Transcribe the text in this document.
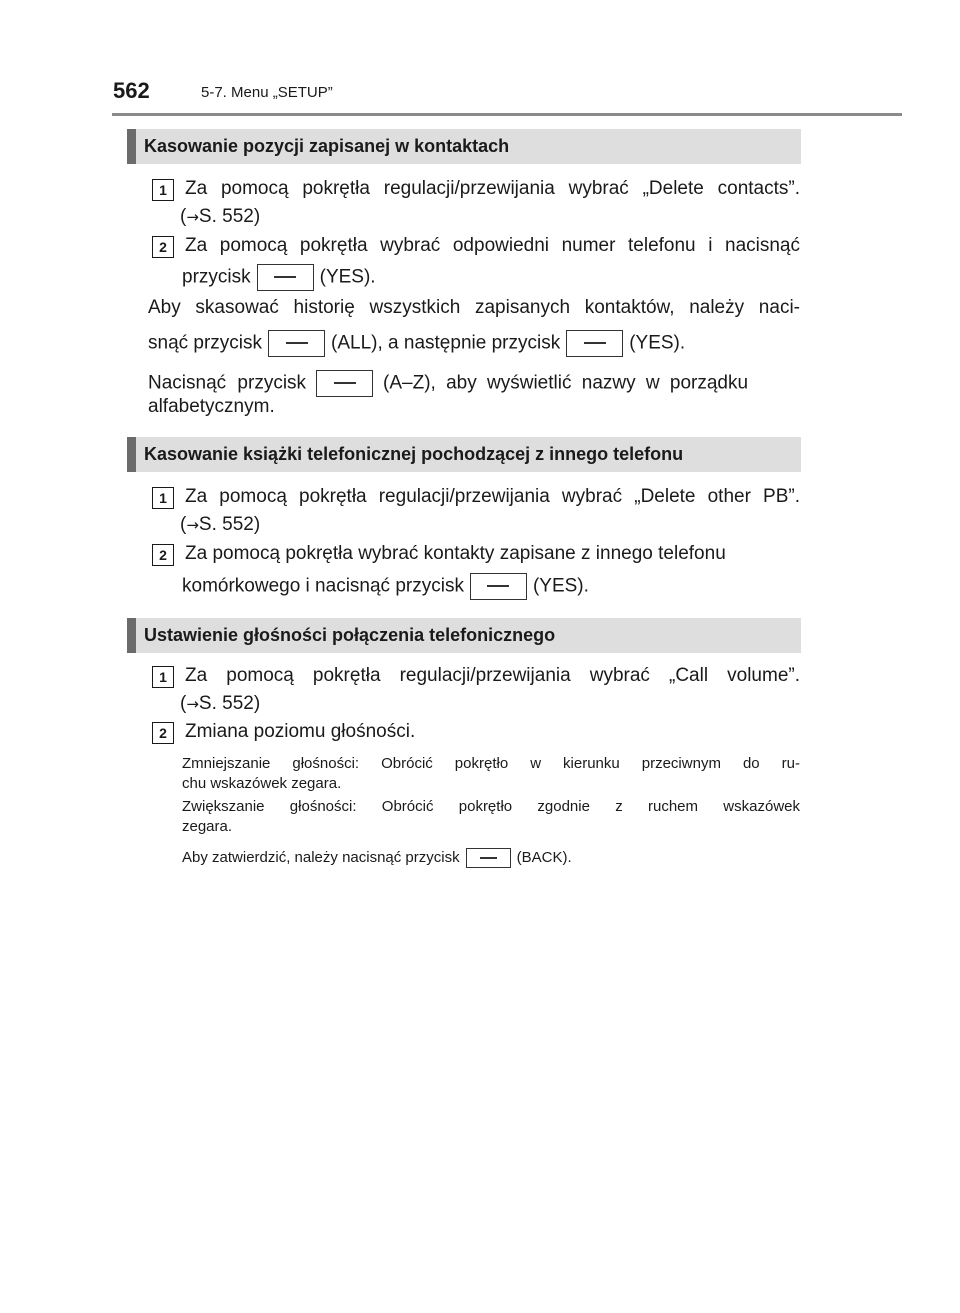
562	5-7. Menu „SETUP”
Kasowanie pozycji zapisanej w kontaktach
1 Za pomocą pokrętła regulacji/przewijania wybrać „Delete contacts”.
(→S. 552)
2 Za pomocą pokrętła wybrać odpowiedni numer telefonu i nacisnąć
przycisk	(YES).
Aby skasować historię wszystkich zapisanych kontaktów, należy naci-
snąć przycisk	(ALL), a następnie przycisk	(YES).
Nacisnąć przycisk	(A–Z), aby wyświetlić nazwy w porządku
alfabetycznym.
Kasowanie książki telefonicznej pochodzącej z innego telefonu
1 Za pomocą pokrętła regulacji/przewijania wybrać „Delete other PB”.
(→S. 552)
2 Za pomocą pokrętła wybrać kontakty zapisane z innego telefonu
komórkowego i nacisnąć przycisk	(YES).
Ustawienie głośności połączenia telefonicznego
1 Za pomocą pokrętła regulacji/przewijania wybrać „Call volume”.
(→S. 552)
2 Zmiana poziomu głośności.
Zmniejszanie głośności: Obrócić pokrętło w kierunku przeciwnym do ru-
chu wskazówek zegara.
Zwiększanie głośności: Obrócić pokrętło zgodnie z ruchem wskazówek
zegara.
Aby zatwierdzić, należy nacisnąć przycisk	(BACK).
